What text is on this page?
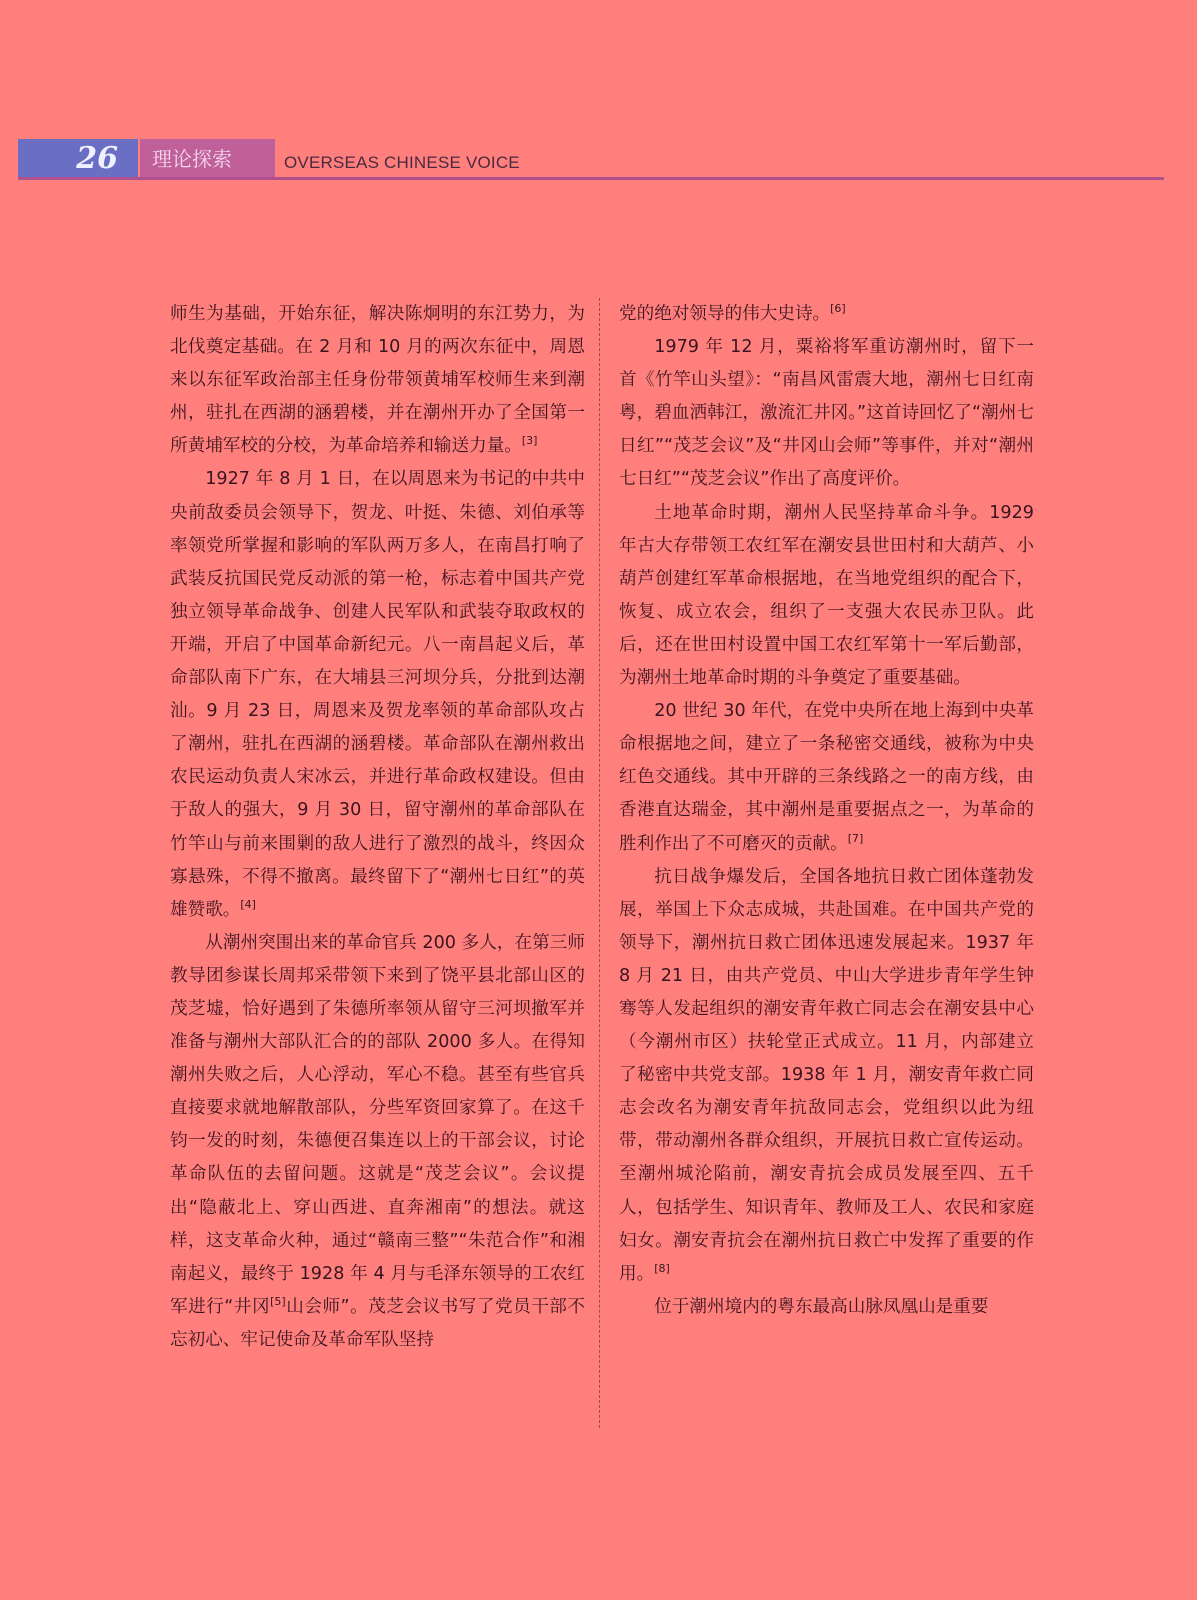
26	理论探索	OVERSEAS CHINESE VOICE

师生为基础，开始东征，解决陈炯明的东江势力，为北伐奠定基础。在 2 月和 10 月的两次东征中，周恩来以东征军政治部主任身份带领黄埔军校师生来到潮州，驻扎在西湖的涵碧楼，并在潮州开办了全国第一所黄埔军校的分校，为革命培养和输送力量。[3]

1927 年 8 月 1 日，在以周恩来为书记的中共中央前敌委员会领导下，贺龙、叶挺、朱德、刘伯承等率领党所掌握和影响的军队两万多人，在南昌打响了武装反抗国民党反动派的第一枪，标志着中国共产党独立领导革命战争、创建人民军队和武装夺取政权的开端，开启了中国革命新纪元。八一南昌起义后，革命部队南下广东，在大埔县三河坝分兵，分批到达潮汕。9 月 23 日，周恩来及贺龙率领的革命部队攻占了潮州，驻扎在西湖的涵碧楼。革命部队在潮州救出农民运动负责人宋冰云，并进行革命政权建设。但由于敌人的强大，9 月 30 日，留守潮州的革命部队在竹竿山与前来围剿的敌人进行了激烈的战斗，终因众寡悬殊，不得不撤离。最终留下了“潮州七日红”的英雄赞歌。[4]

从潮州突围出来的革命官兵 200 多人，在第三师教导团参谋长周邦采带领下来到了饶平县北部山区的茂芝墟，恰好遇到了朱德所率领从留守三河坝撤军并准备与潮州大部队汇合的的部队 2000 多人。在得知潮州失败之后，人心浮动，军心不稳。甚至有些官兵直接要求就地解散部队，分些军资回家算了。在这千钧一发的时刻，朱德便召集连以上的干部会议，讨论革命队伍的去留问题。这就是“茂芝会议”。会议提出“隐蔽北上、穿山西进、直奔湘南”的想法。就这样，这支革命火种，通过“赣南三整”“朱范合作”和湘南起义，最终于 1928 年 4 月与毛泽东领导的工农红军进行“井冈[5]山会师”。茂芝会议书写了党员干部不忘初心、牢记使命及革命军队坚持

党的绝对领导的伟大史诗。[6]

1979 年 12 月，粟裕将军重访潮州时，留下一首《竹竿山头望》：“南昌风雷震大地，潮州七日红南粤，碧血洒韩江，激流汇井冈。”这首诗回忆了“潮州七日红”“茂芝会议”及“井冈山会师”等事件，并对“潮州七日红”“茂芝会议”作出了高度评价。

土地革命时期，潮州人民坚持革命斗争。1929 年古大存带领工农红军在潮安县世田村和大葫芦、小葫芦创建红军革命根据地，在当地党组织的配合下，恢复、成立农会，组织了一支强大农民赤卫队。此后，还在世田村设置中国工农红军第十一军后勤部，为潮州土地革命时期的斗争奠定了重要基础。

20 世纪 30 年代，在党中央所在地上海到中央革命根据地之间，建立了一条秘密交通线，被称为中央红色交通线。其中开辟的三条线路之一的南方线，由香港直达瑞金，其中潮州是重要据点之一，为革命的胜利作出了不可磨灭的贡献。[7]

抗日战争爆发后，全国各地抗日救亡团体蓬勃发展，举国上下众志成城，共赴国难。在中国共产党的领导下，潮州抗日救亡团体迅速发展起来。1937 年 8 月 21 日，由共产党员、中山大学进步青年学生钟骞等人发起组织的潮安青年救亡同志会在潮安县中心（今潮州市区）扶轮堂正式成立。11 月，内部建立了秘密中共党支部。1938 年 1 月，潮安青年救亡同志会改名为潮安青年抗敌同志会，党组织以此为纽带，带动潮州各群众组织，开展抗日救亡宣传运动。至潮州城沦陷前，潮安青抗会成员发展至四、五千人，包括学生、知识青年、教师及工人、农民和家庭妇女。潮安青抗会在潮州抗日救亡中发挥了重要的作用。[8]

位于潮州境内的粤东最高山脉凤凰山是重要
